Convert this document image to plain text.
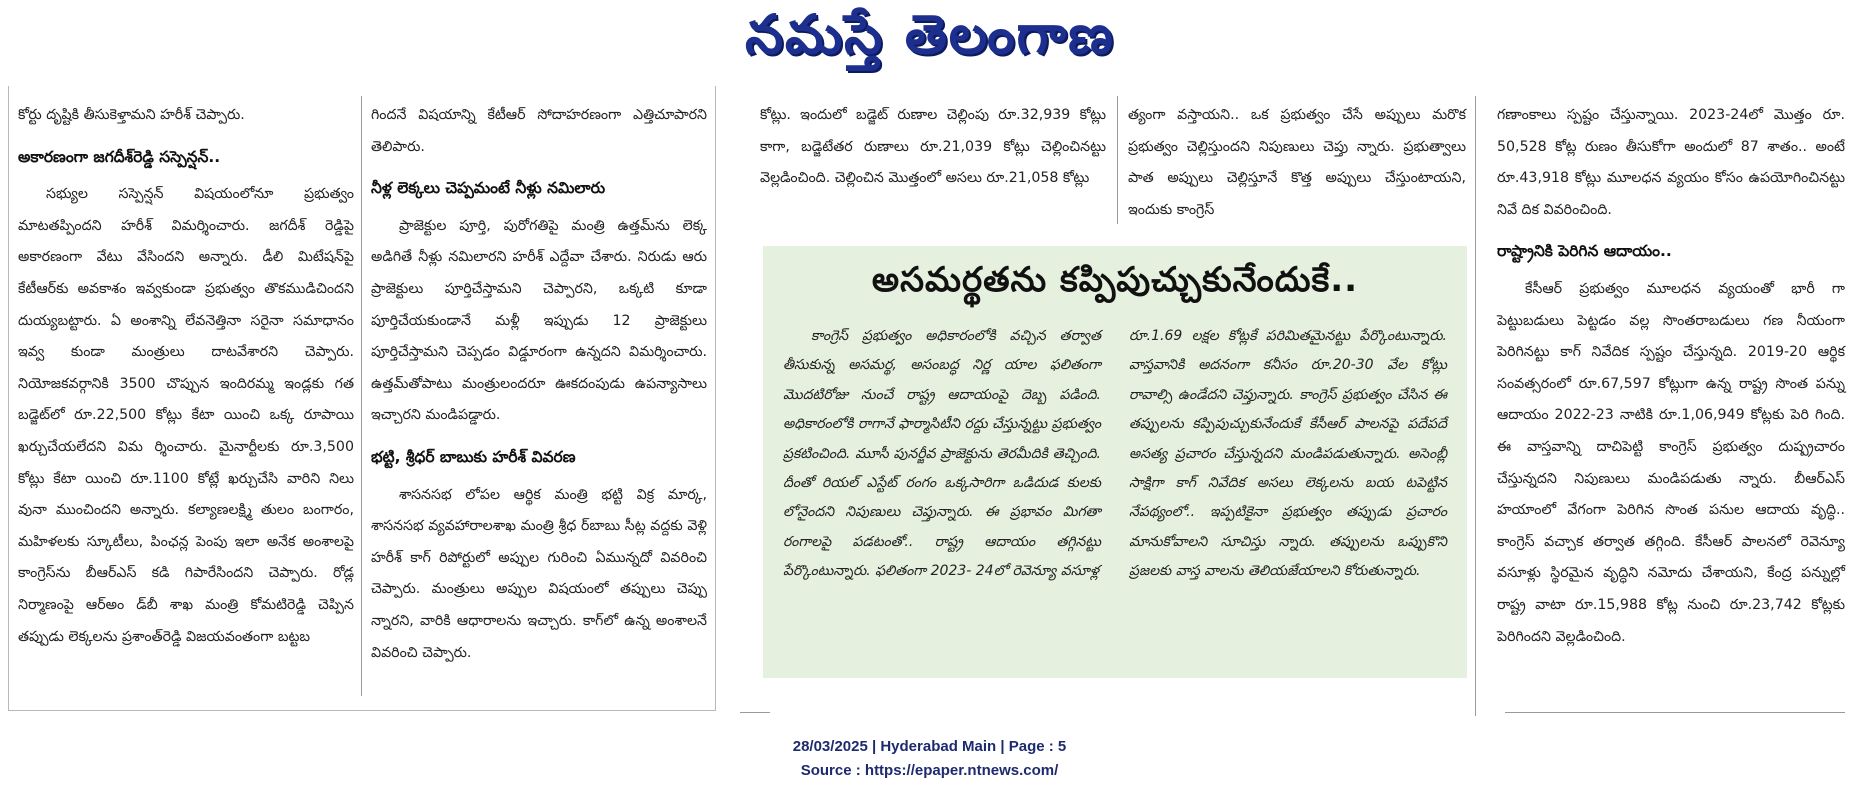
నమస్తే తెలంగాణ

కోర్టు దృష్టికి తీసుకెళ్తామని హరీశ్ చెప్పారు.

అకారణంగా జగదీశ్‌రెడ్డి సస్పెన్షన్..

సభ్యుల సస్పెన్షన్ విషయంలోనూ ప్రభుత్వం మాటతప్పిందని హరీశ్ విమర్శించారు. జగదీశ్ రెడ్డిపై అకారణంగా వేటు వేసిందని అన్నారు. డీలి మిటేషన్‌పై కేటీఆర్‌కు అవకాశం ఇవ్వకుండా ప్రభుత్వం తొకముడిచిందని దుయ్యబట్టారు. ఏ అంశాన్ని లేవనెత్తినా సరైనా సమాధానం ఇవ్వ కుండా మంత్రులు దాటవేశారని చెప్పారు. నియోజకవర్గానికి 3500 చొప్పున ఇందిరమ్మ ఇండ్లకు గత బడ్జెట్‌లో రూ.22,500 కోట్లు కేటా యించి ఒక్క రూపాయి ఖర్చుచేయలేదని విమ ర్శించారు. మైనార్టీలకు రూ.3,500 కోట్లు కేటా యించి రూ.1100 కోట్లే ఖర్చుచేసి వారిని నిలు వునా ముంచిందని అన్నారు. కల్యాణలక్ష్మి తులం బంగారం, మహిళలకు స్కూటీలు, పింఛన్ల పెంపు ఇలా అనేక అంశాలపై కాంగ్రెస్‌ను బీఆర్‌ఎస్ కడి గిపారేసిందని చెప్పారు. రోడ్ల నిర్మాణంపై ఆర్‌అం డ్‌బీ శాఖ మంత్రి కోమటిరెడ్డి చెప్పిన తప్పుడు లెక్కలను ప్రశాంత్‌రెడ్డి విజయవంతంగా బట్టబ

గిందనే విషయాన్ని కేటీఆర్ సోదాహరణంగా ఎత్తిచూపారని తెలిపారు.

నీళ్ల లెక్కలు చెప్పమంటే నీళ్లు నమిలారు

ప్రాజెక్టుల పూర్తి, పురోగతిపై మంత్రి ఉత్తమ్‌ను లెక్క అడిగితే నీళ్లు నమిలారని హరీశ్ ఎద్దేవా చేశారు. నిరుడు ఆరు ప్రాజెక్టులు పూర్తిచేస్తామని చెప్పారని, ఒక్కటి కూడా పూర్తిచేయకుండానే మళ్లీ ఇప్పుడు 12 ప్రాజెక్టులు పూర్తిచేస్తామని చెప్పడం విడ్డూరంగా ఉన్నదని విమర్శించారు. ఉత్తమ్‌తోపాటు మంత్రులందరూ ఊకదంపుడు ఉపన్యాసాలు ఇచ్చారని మండిపడ్డారు.

భట్టి, శ్రీధర్ బాబుకు హరీశ్ వివరణ

శాసనసభ లోపల ఆర్థిక మంత్రి భట్టి విక్ర మార్క, శాసనసభ వ్యవహారాలశాఖ మంత్రి శ్రీధ ర్‌బాబు సీట్ల వద్దకు వెళ్లి హరీశ్ కాగ్ రిపోర్టులో అప్పుల గురించి ఏమున్నదో వివరించి చెప్పారు. మంత్రులు అప్పుల విషయంలో తప్పులు చెప్పు న్నారని, వారికి ఆధారాలను ఇచ్చారు. కాగ్‌లో ఉన్న అంశాలనే వివరించి చెప్పారు.

కోట్లు. ఇందులో బడ్జెట్ రుణాల చెల్లింపు రూ.32,939 కోట్లు కాగా, బడ్జెటేతర రుణాలు రూ.21,039 కోట్లు చెల్లించినట్టు వెల్లడించింది. చెల్లించిన మొత్తంలో అసలు రూ.21,058 కోట్లు

త్యంగా వస్తాయని.. ఒక ప్రభుత్వం చేసే అప్పులు మరొక ప్రభుత్వం చెల్లిస్తుందని నిపుణులు చెప్తు న్నారు. ప్రభుత్వాలు పాత అప్పులు చెల్లిస్తూనే కొత్త అప్పులు చేస్తుంటాయని, ఇందుకు కాంగ్రెస్

గణాంకాలు స్పష్టం చేస్తున్నాయి. 2023-24లో మొత్తం రూ. 50,528 కోట్ల రుణం తీసుకోగా అందులో 87 శాతం.. అంటే రూ.43,918 కోట్లు మూలధన వ్యయం కోసం ఉపయోగించినట్టు నివే దిక వివరించింది.

రాష్ట్రానికి పెరిగిన ఆదాయం..

కేసీఆర్ ప్రభుత్వం మూలధన వ్యయంతో భారీ గా పెట్టుబడులు పెట్టడం వల్ల సొంతరాబడులు గణ నీయంగా పెరిగినట్టు కాగ్ నివేదిక స్పష్టం చేస్తున్నది. 2019-20 ఆర్థిక సంవత్సరంలో రూ.67,597 కోట్లుగా ఉన్న రాష్ట్ర సొంత పన్ను ఆదాయం 2022-23 నాటికి రూ.1,06,949 కోట్లకు పెరి గింది. ఈ వాస్తవాన్ని దాచిపెట్టి కాంగ్రెస్ ప్రభుత్వం దుష్ప్రచారం చేస్తున్నదని నిపుణులు మండిపడుతు న్నారు. బీఆర్‌ఎస్ హయాంలో వేగంగా పెరిగిన సొంత పనుల ఆదాయ వృద్ధి.. కాంగ్రెస్ వచ్చాక తర్వాత తగ్గింది. కేసీఆర్ పాలనలో రెవెన్యూ వసూళ్లు స్థిరమైన వృద్ధిని నమోదు చేశాయని, కేంద్ర పన్నుల్లో రాష్ట్ర వాటా రూ.15,988 కోట్ల నుంచి రూ.23,742 కోట్లకు పెరిగిందని వెల్లడించింది.

అసమర్థతను కప్పిపుచ్చుకునేందుకే..

కాంగ్రెస్ ప్రభుత్వం అధికారంలోకి వచ్చిన తర్వాత తీసుకున్న అసమర్థ, అసంబద్ధ నిర్ణ యాల ఫలితంగా మొదటిరోజు నుంచే రాష్ట్ర ఆదాయంపై దెబ్బ పడింది. అధికారంలోకి రాగానే ఫార్మాసిటీని రద్దు చేస్తున్నట్టు ప్రభుత్వం ప్రకటించింది. మూసీ పునర్జీవ ప్రాజెక్టును తెరమీదికి తెచ్చింది. దీంతో రియల్ ఎస్టేట్ రంగం ఒక్కసారిగా ఒడిదుడ కులకు లోనైందని నిపుణులు చెప్తున్నారు. ఈ ప్రభావం మిగతా రంగాలపై పడటంతో.. రాష్ట్ర ఆదాయం తగ్గినట్టు పేర్కొంటున్నారు. ఫలితంగా 2023- 24లో రెవెన్యూ వసూళ్ల

రూ.1.69 లక్షల కోట్లకే పరిమితమైనట్టు పేర్కొంటున్నారు. వాస్తవానికి అదనంగా కనీసం రూ.20-30 వేల కోట్లు రావాల్సి ఉండేదని చెప్తున్నారు. కాంగ్రెస్ ప్రభుత్వం చేసిన ఈ తప్పులను కప్పిపుచ్చుకునేందుకే కేసీఆర్ పాలనపై పదేపదే అసత్య ప్రచారం చేస్తున్నదని మండిపడుతున్నారు. అసెంబ్లీ సాక్షిగా కాగ్ నివేదిక అసలు లెక్కలను బయ టపెట్టిన నేపథ్యంలో.. ఇప్పటికైనా ప్రభుత్వం తప్పుడు ప్రచారం మానుకోవాలని సూచిస్తు న్నారు. తప్పులను ఒప్పుకొని ప్రజలకు వాస్త వాలను తెలియజేయాలని కోరుతున్నారు.

28/03/2025 | Hyderabad Main | Page : 5
Source : https://epaper.ntnews.com/
